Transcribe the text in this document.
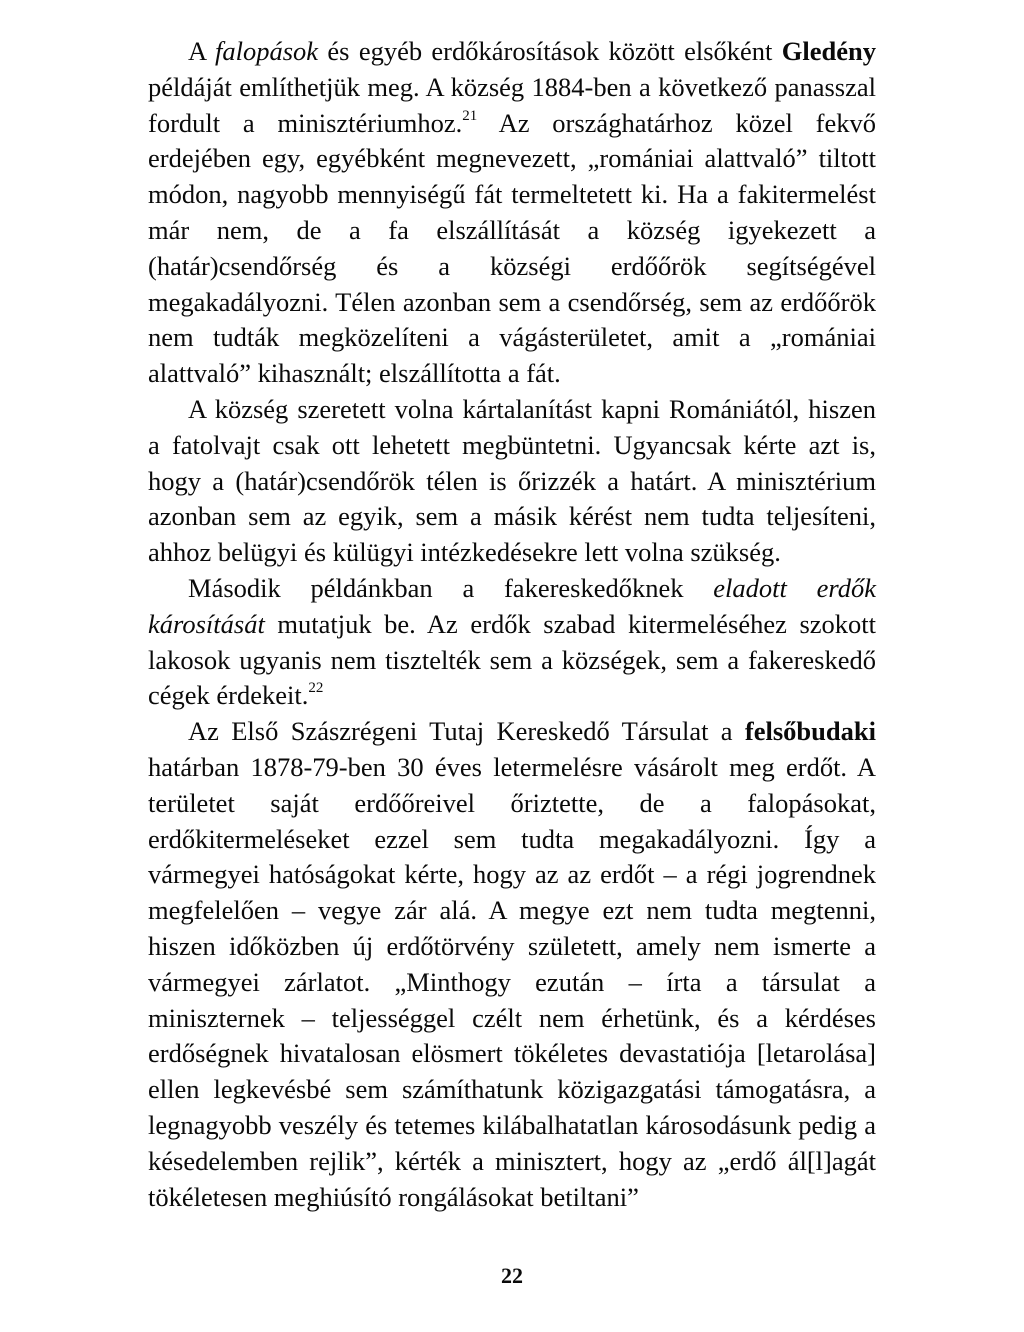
A falopások és egyéb erdőkárosítások között elsőként Gledény példáját említhetjük meg. A község 1884-ben a következő panasszal fordult a minisztériumhoz.$^{21}$ Az országhatárhoz közel fekvő erdejében egy, egyébként megnevezett, „romániai alattvaló” tiltott módon, nagyobb mennyiségű fát termeltetett ki. Ha a fakitermelést már nem, de a fa elszállítását a község igyekezett a (határ)csendőrség és a községi erdőőrök segítségével megakadályozni. Télen azonban sem a csendőrség, sem az erdőőrök nem tudták megközelíteni a vágásterületet, amit a „romániai alattvaló” kihasznált; elszállította a fát.

A község szeretett volna kártalanítást kapni Romániától, hiszen a fatolvajt csak ott lehetett megbüntetni. Ugyancsak kérte azt is, hogy a (határ)csendőrök télen is őrizzék a határt. A minisztérium azonban sem az egyik, sem a másik kérést nem tudta teljesíteni, ahhoz belügyi és külügyi intézkedésekre lett volna szükség.

Második példánkban a fakereskedőknek eladott erdők károsítását mutatjuk be. Az erdők szabad kitermeléséhez szokott lakosok ugyanis nem tisztelték sem a községek, sem a fakereskedő cégek érdekeit.$^{22}$

Az Első Szászrégeni Tutaj Kereskedő Társulat a felsőbudaki határban 1878-79-ben 30 éves letermelésre vásárolt meg erdőt. A területet saját erdőőreivel őriztette, de a falopásokat, erdőkitermeléseket ezzel sem tudta megakadályozni. Így a vármegyei hatóságokat kérte, hogy az az erdőt – a régi jogrendnek megfelelően – vegye zár alá. A megye ezt nem tudta megtenni, hiszen időközben új erdőtörvény született, amely nem ismerte a vármegyei zárlatot. „Minthogy ezután – írta a társulat a miniszternek – teljességgel czélt nem érhetünk, és a kérdéses erdőségnek hivatalosan elösmert tökéletes devastatiója [letarolása] ellen legkevésbé sem számíthatunk közigazgatási támogatásra, a legnagyobb veszély és tetemes kilábalhatatlan károsodásunk pedig a késedelemben rejlik”, kérték a minisztert, hogy az „erdő ál[l]agát tökéletesen meghiúsító rongálásokat betiltani”

22
